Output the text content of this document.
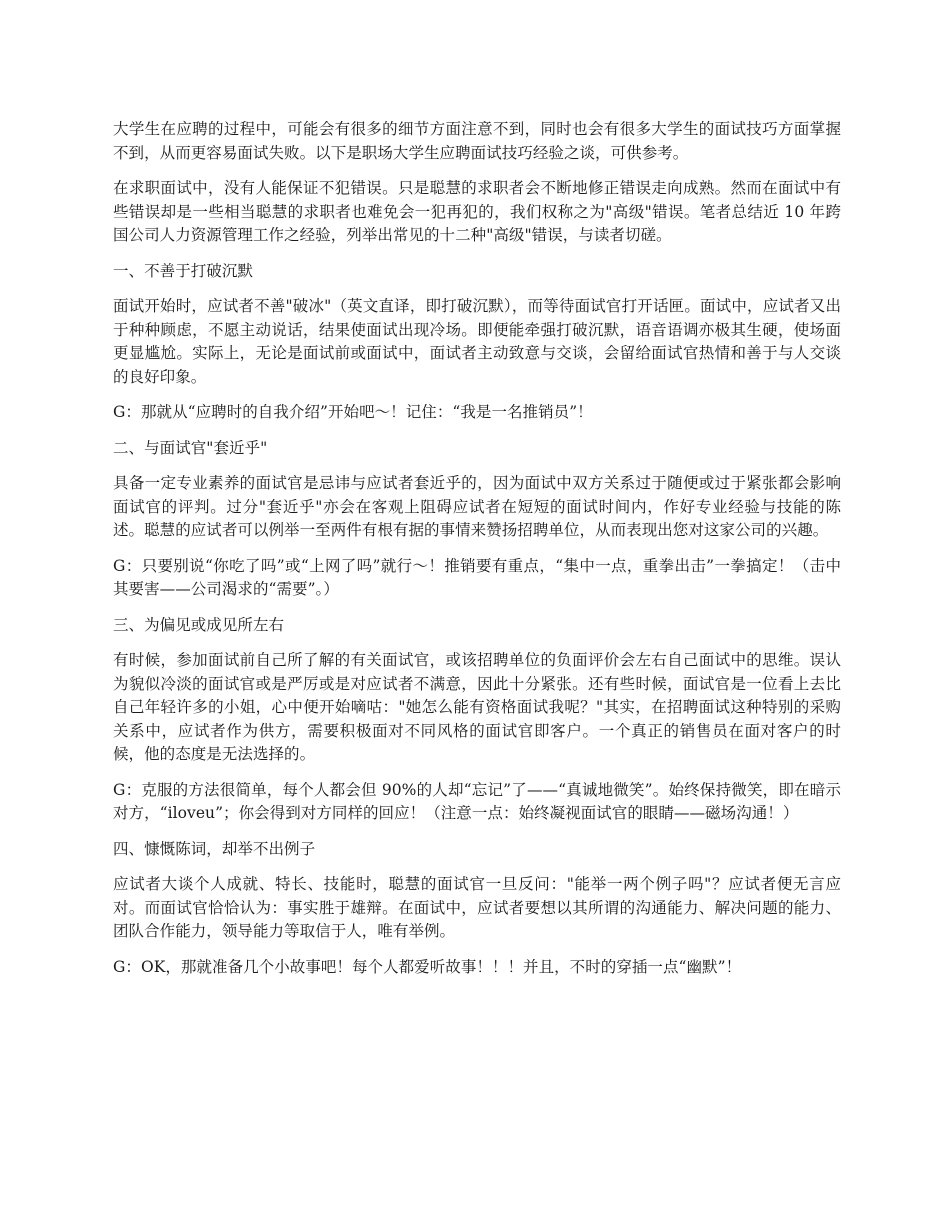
大学生在应聘的过程中，可能会有很多的细节方面注意不到，同时也会有很多大学生的面试技巧方面掌握不到，从而更容易面试失败。以下是职场大学生应聘面试技巧经验之谈，可供参考。

在求职面试中，没有人能保证不犯错误。只是聪慧的求职者会不断地修正错误走向成熟。然而在面试中有些错误却是一些相当聪慧的求职者也难免会一犯再犯的，我们权称之为"高级"错误。笔者总结近 10 年跨国公司人力资源管理工作之经验，列举出常见的十二种"高级"错误，与读者切磋。

一、不善于打破沉默

面试开始时，应试者不善"破冰"（英文直译，即打破沉默），而等待面试官打开话匣。面试中，应试者又出于种种顾虑，不愿主动说话，结果使面试出现冷场。即便能牵强打破沉默，语音语调亦极其生硬，使场面更显尴尬。实际上，无论是面试前或面试中，面试者主动致意与交谈，会留给面试官热情和善于与人交谈的良好印象。

G：那就从“应聘时的自我介绍”开始吧～！记住：“我是一名推销员”！

二、与面试官"套近乎"

具备一定专业素养的面试官是忌讳与应试者套近乎的，因为面试中双方关系过于随便或过于紧张都会影响面试官的评判。过分"套近乎"亦会在客观上阻碍应试者在短短的面试时间内，作好专业经验与技能的陈述。聪慧的应试者可以例举一至两件有根有据的事情来赞扬招聘单位，从而表现出您对这家公司的兴趣。

G：只要别说“你吃了吗”或“上网了吗”就行～！推销要有重点，“集中一点，重拳出击”一拳搞定！（击中其要害——公司渴求的“需要”。）

三、为偏见或成见所左右

有时候，参加面试前自己所了解的有关面试官，或该招聘单位的负面评价会左右自己面试中的思维。误认为貌似冷淡的面试官或是严厉或是对应试者不满意，因此十分紧张。还有些时候，面试官是一位看上去比自己年轻许多的小姐，心中便开始嘀咕："她怎么能有资格面试我呢？"其实，在招聘面试这种特别的采购关系中，应试者作为供方，需要积极面对不同风格的面试官即客户。一个真正的销售员在面对客户的时候，他的态度是无法选择的。

G：克服的方法很简单，每个人都会但 90%的人却“忘记”了——“真诚地微笑”。始终保持微笑，即在暗示对方，“iloveu”；你会得到对方同样的回应！（注意一点：始终凝视面试官的眼睛——磁场沟通！）

四、慷慨陈词，却举不出例子

应试者大谈个人成就、特长、技能时，聪慧的面试官一旦反问："能举一两个例子吗"？应试者便无言应对。而面试官恰恰认为：事实胜于雄辩。在面试中，应试者要想以其所谓的沟通能力、解决问题的能力、团队合作能力，领导能力等取信于人，唯有举例。

G：OK，那就准备几个小故事吧！每个人都爱听故事！！！并且，不时的穿插一点“幽默”！
